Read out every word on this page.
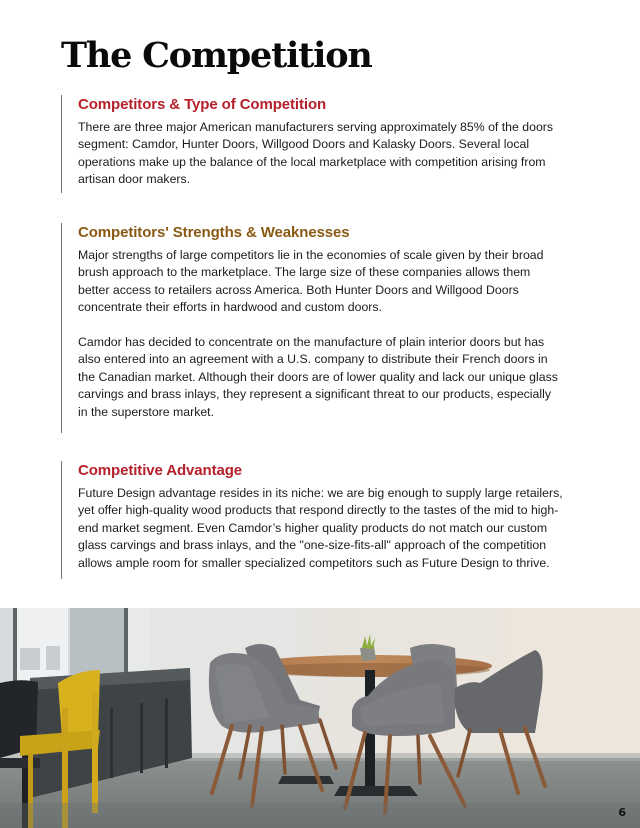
The Competition
Competitors & Type of Competition

There are three major American manufacturers serving approximately 85% of the doors
segment: Camdor, Hunter Doors, Willgood Doors and Kalasky Doors. Several local
operations make up the balance of the local marketplace with competition arising from
artisan door makers.

Competitors' Strengths & Weaknesses

Major strengths of large competitors lie in the economies of scale given by their broad
brush approach to the marketplace. The large size of these companies allows them
better access to retailers across America. Both Hunter Doors and Willgood Doors
concentrate their efforts in hardwood and custom doors.

Camdor has decided to concentrate on the manufacture of plain interior doors but has
also entered into an agreement with a U.S. company to distribute their French doors in
the Canadian market. Although their doors are of lower quality and lack our unique glass
carvings and brass inlays, they represent a significant threat to our products, especially
in the superstore market.

Competitive Advantage

Future Design advantage resides in its niche: we are big enough to supply large retailers,
yet offer high-quality wood products that respond directly to the tastes of the mid to high-
end market segment. Even Camdor’s higher quality products do not match our custom
glass carvings and brass inlays, and the "one-size-fits-all" approach of the competition
allows ample room for smaller specialized competitors such as Future Design to thrive.

6
